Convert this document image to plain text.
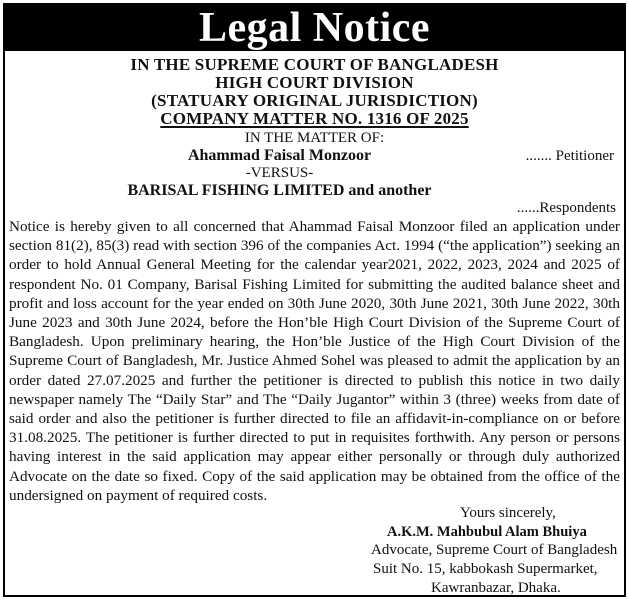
Legal Notice
IN THE SUPREME COURT OF BANGLADESH
HIGH COURT DIVISION
(STATUARY ORIGINAL JURISDICTION)
COMPANY MATTER NO. 1316 OF 2025
IN THE MATTER OF:
Ahammad Faisal Monzoor	....... Petitioner
-VERSUS-
BARISAL FISHING LIMITED and another
......Respondents
Notice is hereby given to all concerned that Ahammad Faisal Monzoor filed an application under section 81(2), 85(3) read with section 396 of the companies Act. 1994 (“the application”) seeking an order to hold Annual General Meeting for the calendar year2021, 2022, 2023, 2024 and 2025 of respondent No. 01 Company, Barisal Fishing Limited for submitting the audited balance sheet and profit and loss account for the year ended on 30th June 2020, 30th June 2021, 30th June 2022, 30th June 2023 and 30th June 2024, before the Hon’ble High Court Division of the Supreme Court of Bangladesh. Upon preliminary hearing, the Hon’ble Justice of the High Court Division of the Supreme Court of Bangladesh, Mr. Justice Ahmed Sohel was pleased to admit the application by an order dated 27.07.2025 and further the petitioner is directed to publish this notice in two daily newspaper namely The “Daily Star” and The “Daily Jugantor” within 3 (three) weeks from date of said order and also the petitioner is further directed to file an affidavit-in-compliance on or before 31.08.2025. The petitioner is further directed to put in requisites forthwith. Any person or persons having interest in the said application may appear either personally or through duly authorized Advocate on the date so fixed. Copy of the said application may be obtained from the office of the undersigned on payment of required costs.
Yours sincerely,
A.K.M. Mahbubul Alam Bhuiya
Advocate, Supreme Court of Bangladesh
Suit No. 15, kabbokash Supermarket,
Kawranbazar, Dhaka.
